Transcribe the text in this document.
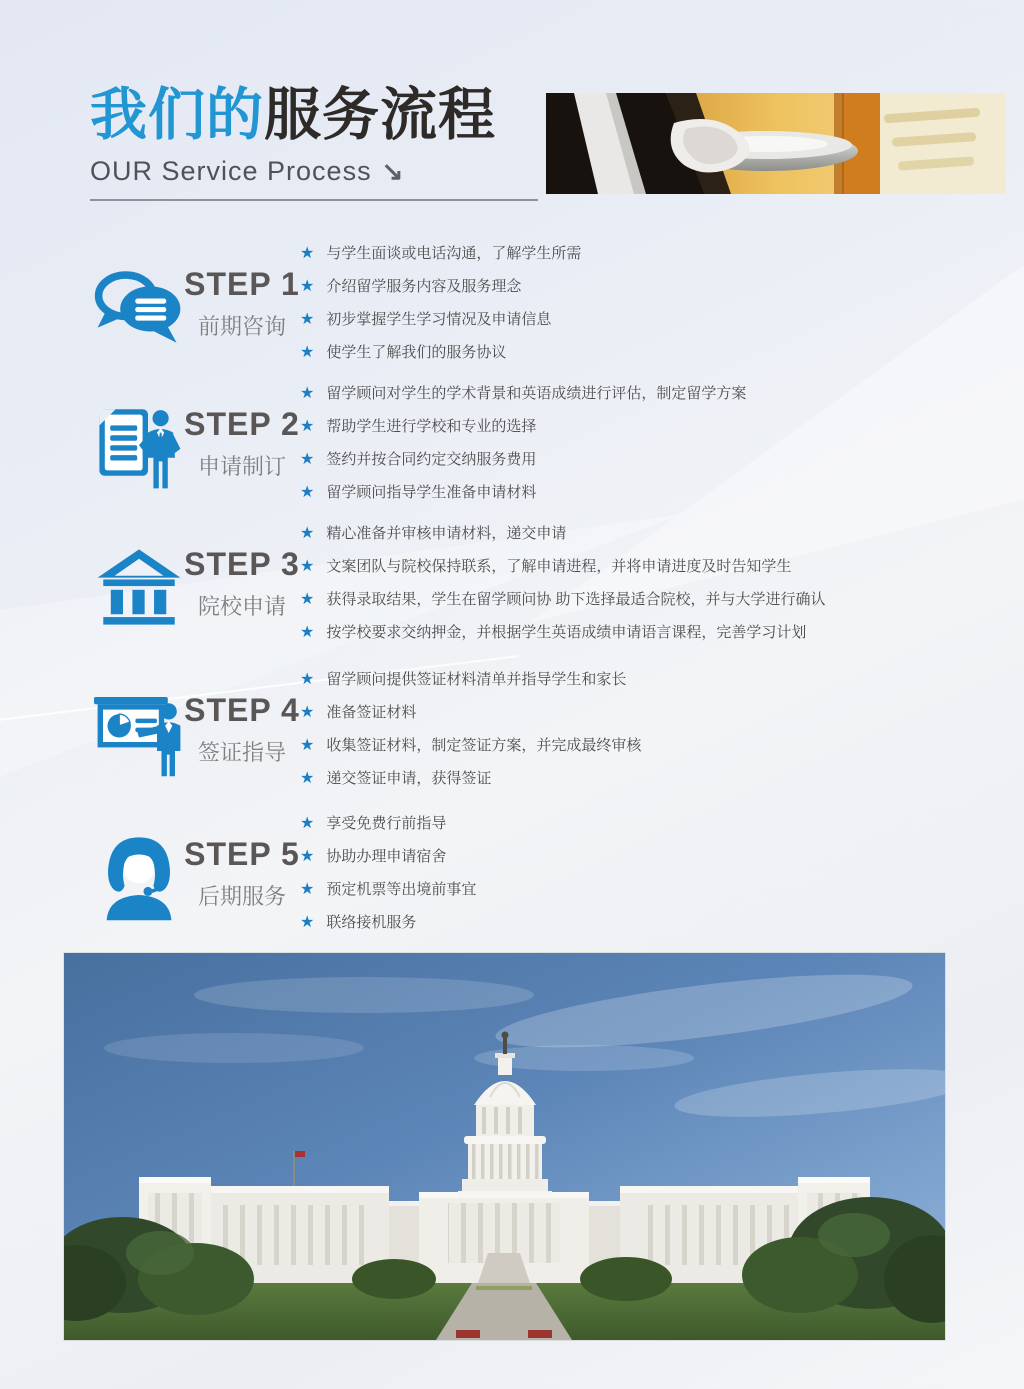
我们的服务流程
OUR Service Process ↘
STEP 1
前期咨询
★ 与学生面谈或电话沟通，了解学生所需
★ 介绍留学服务内容及服务理念
★ 初步掌握学生学习情况及申请信息
★ 使学生了解我们的服务协议
STEP 2
申请制订
★ 留学顾问对学生的学术背景和英语成绩进行评估，制定留学方案
★ 帮助学生进行学校和专业的选择
★ 签约并按合同约定交纳服务费用
★ 留学顾问指导学生准备申请材料
STEP 3
院校申请
★ 精心准备并审核申请材料，递交申请
★ 文案团队与院校保持联系，了解申请进程，并将申请进度及时告知学生
★ 获得录取结果，学生在留学顾问协 助下选择最适合院校，并与大学进行确认
★ 按学校要求交纳押金，并根据学生英语成绩申请语言课程，完善学习计划
STEP 4
签证指导
★ 留学顾问提供签证材料清单并指导学生和家长
★ 准备签证材料
★ 收集签证材料，制定签证方案，并完成最终审核
★ 递交签证申请，获得签证
STEP 5
后期服务
★ 享受免费行前指导
★ 协助办理申请宿舍
★ 预定机票等出境前事宜
★ 联络接机服务
